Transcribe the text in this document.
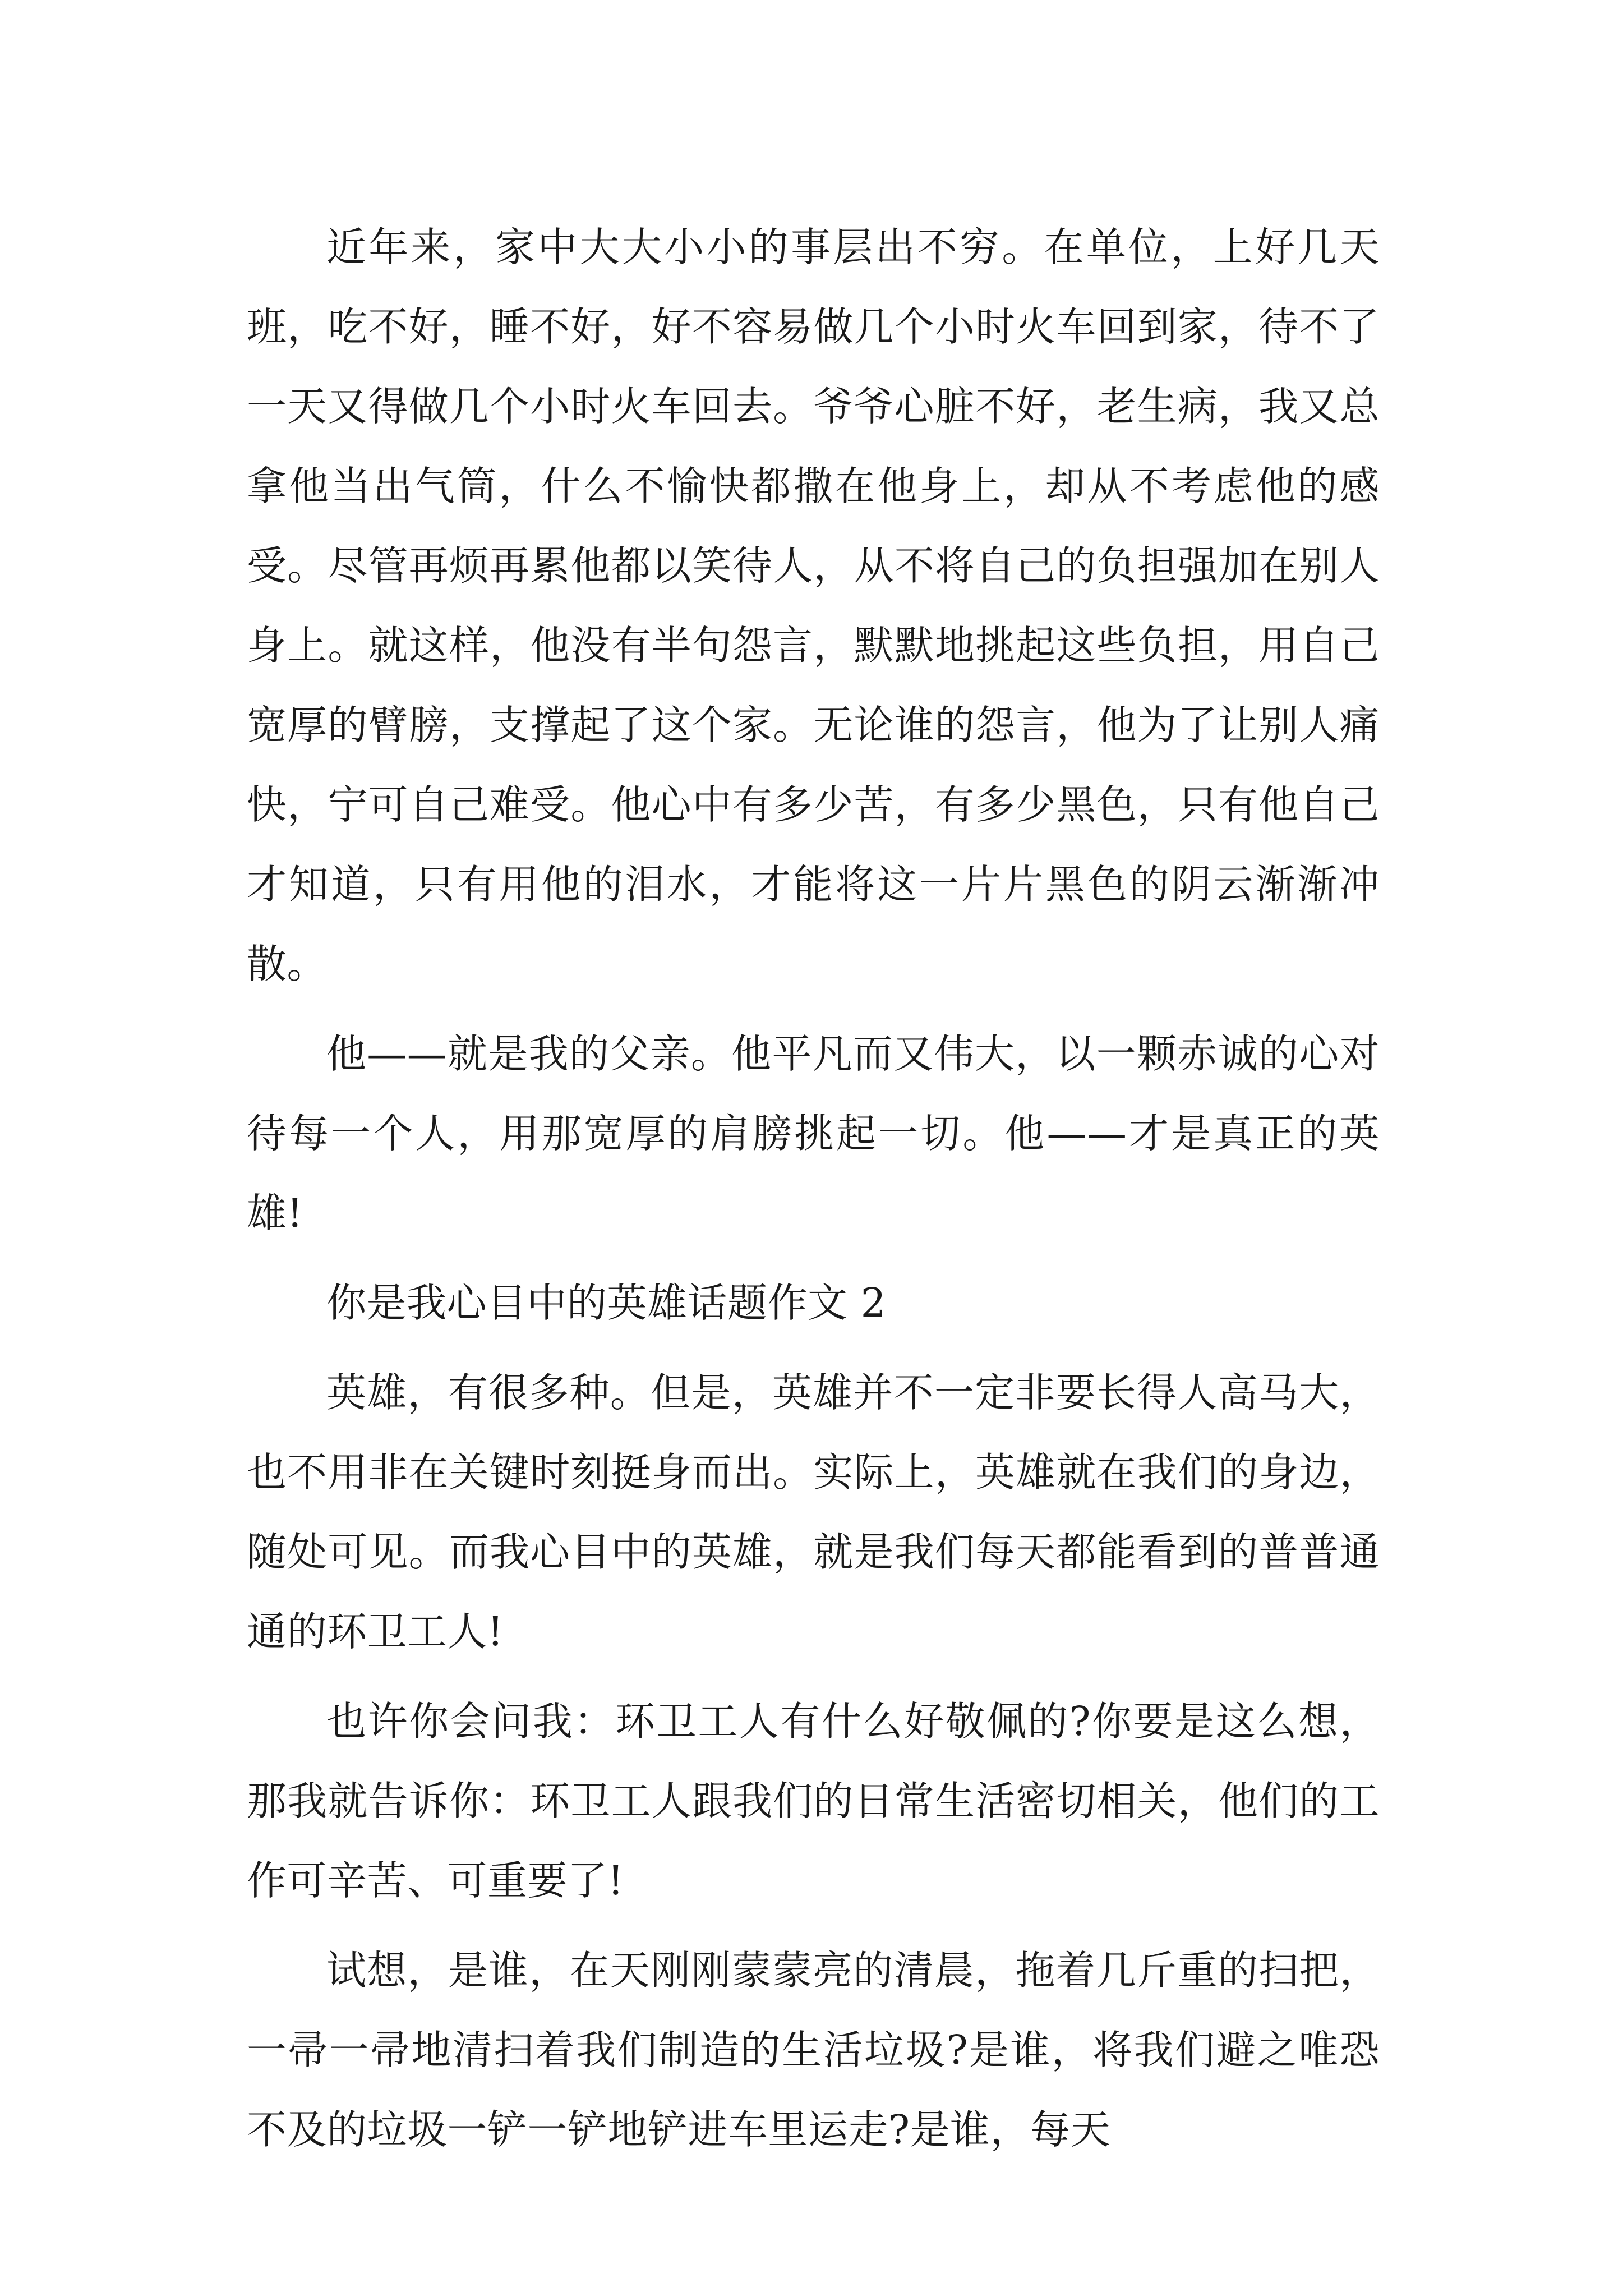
近年来，家中大大小小的事层出不穷。在单位，上好几天班，吃不好，睡不好，好不容易做几个小时火车回到家，待不了一天又得做几个小时火车回去。爷爷心脏不好，老生病，我又总拿他当出气筒，什么不愉快都撒在他身上，却从不考虑他的感受。尽管再烦再累他都以笑待人，从不将自己的负担强加在别人身上。就这样，他没有半句怨言，默默地挑起这些负担，用自己宽厚的臂膀，支撑起了这个家。无论谁的怨言，他为了让别人痛快，宁可自己难受。他心中有多少苦，有多少黑色，只有他自己才知道，只有用他的泪水，才能将这一片片黑色的阴云渐渐冲散。

他——就是我的父亲。他平凡而又伟大，以一颗赤诚的心对待每一个人，用那宽厚的肩膀挑起一切。他——才是真正的英雄!

你是我心目中的英雄话题作文 2

英雄，有很多种。但是，英雄并不一定非要长得人高马大，也不用非在关键时刻挺身而出。实际上，英雄就在我们的身边，随处可见。而我心目中的英雄，就是我们每天都能看到的普普通通的环卫工人!

也许你会问我：环卫工人有什么好敬佩的?你要是这么想，那我就告诉你：环卫工人跟我们的日常生活密切相关，他们的工作可辛苦、可重要了!

试想，是谁，在天刚刚蒙蒙亮的清晨，拖着几斤重的扫把，一帚一帚地清扫着我们制造的生活垃圾?是谁，将我们避之唯恐不及的垃圾一铲一铲地铲进车里运走?是谁，每天
